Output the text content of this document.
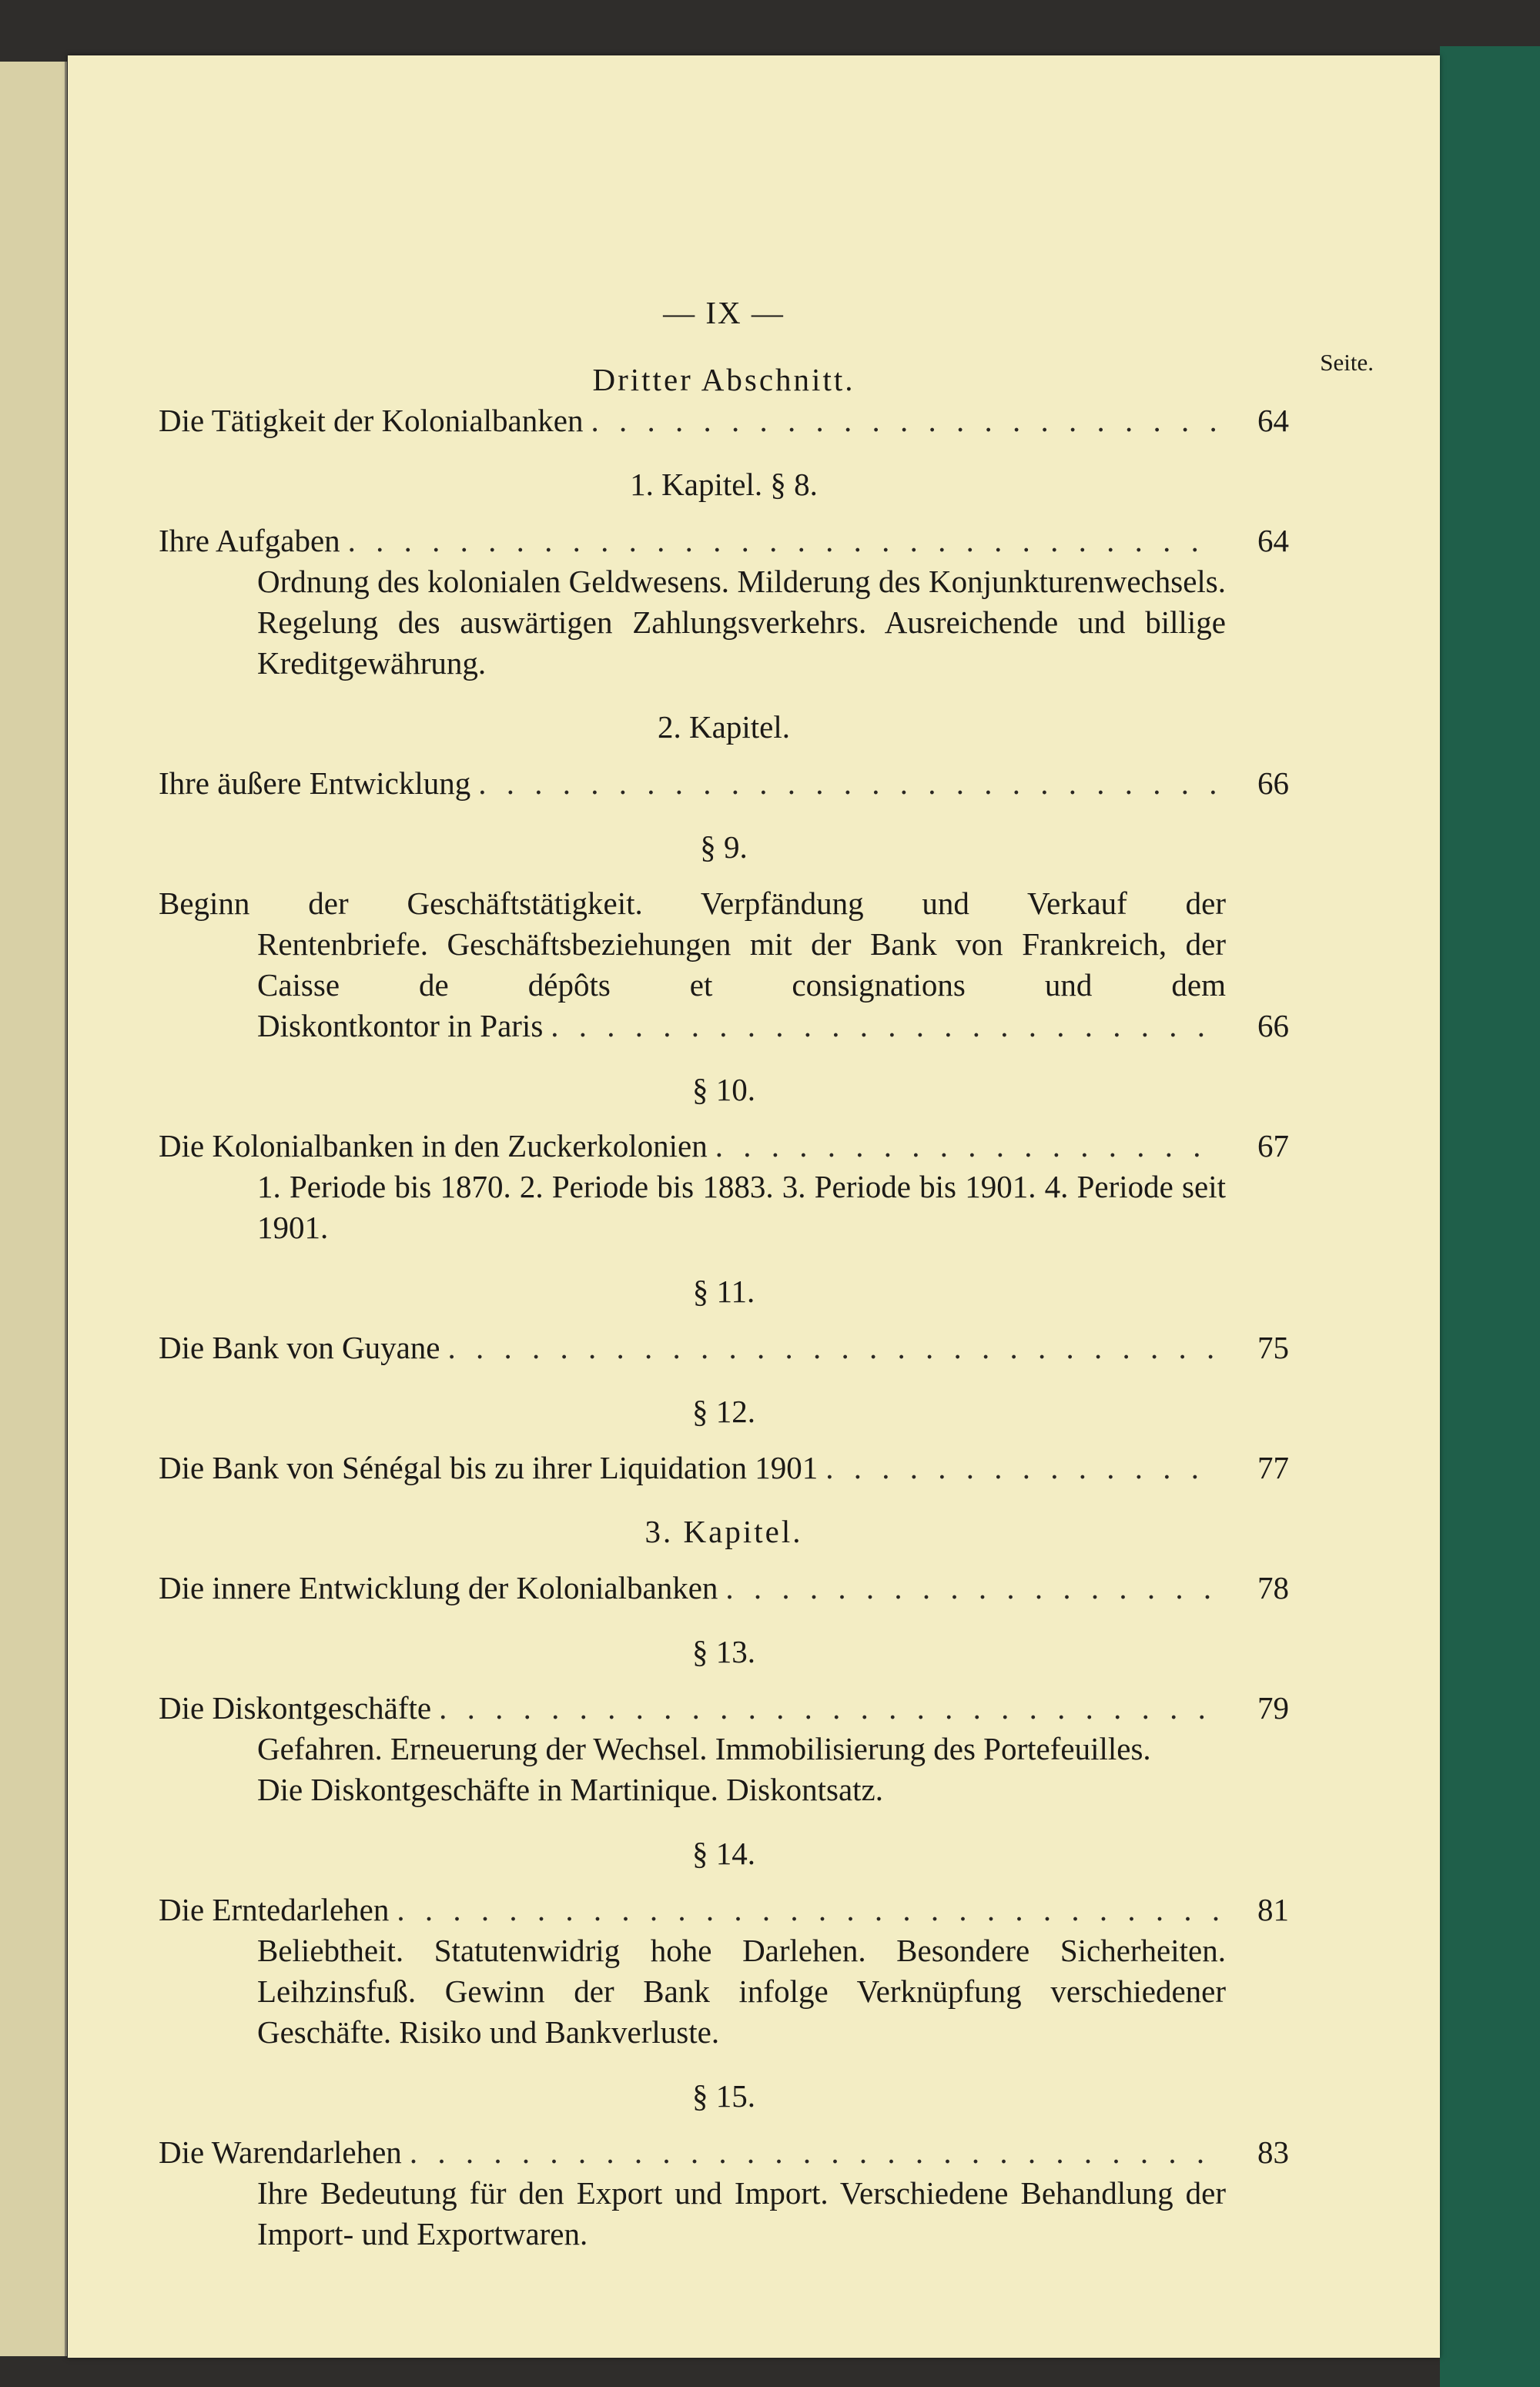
— IX —
Seite.
Dritter Abschnitt.
Die Tätigkeit der Kolonialbanken . . .	64
1. Kapitel. § 8.
Ihre Aufgaben . . .	64
Ordnung des kolonialen Geldwesens. Milderung des Konjunkturenwechsels. Regelung des auswärtigen Zahlungsverkehrs. Ausreichende und billige Kreditgewährung.
2. Kapitel.
Ihre äußere Entwicklung . . .	66
§ 9.
Beginn der Geschäftstätigkeit. Verpfändung und Verkauf der
Rentenbriefe. Geschäftsbeziehungen mit der Bank von Frankreich, der Caisse de dépôts et consignations und dem
Diskontkontor in Paris . . .	66
§ 10.
Die Kolonialbanken in den Zuckerkolonien . . .	67
1. Periode bis 1870. 2. Periode bis 1883. 3. Periode bis 1901. 4. Periode seit 1901.
§ 11.
Die Bank von Guyane . . .	75
§ 12.
Die Bank von Sénégal bis zu ihrer Liquidation 1901 . . .	77
3. Kapitel.
Die innere Entwicklung der Kolonialbanken . . .	78
§ 13.
Die Diskontgeschäfte . . .	79
Gefahren. Erneuerung der Wechsel. Immobilisierung des Portefeuilles.
Die Diskontgeschäfte in Martinique. Diskontsatz.
§ 14.
Die Erntedarlehen . . .	81
Beliebtheit. Statutenwidrig hohe Darlehen. Besondere Sicherheiten. Leihzinsfuß. Gewinn der Bank infolge Verknüpfung verschiedener Geschäfte. Risiko und Bankverluste.
§ 15.
Die Warendarlehen . . .	83
Ihre Bedeutung für den Export und Import. Verschiedene Behandlung der Import- und Exportwaren.
